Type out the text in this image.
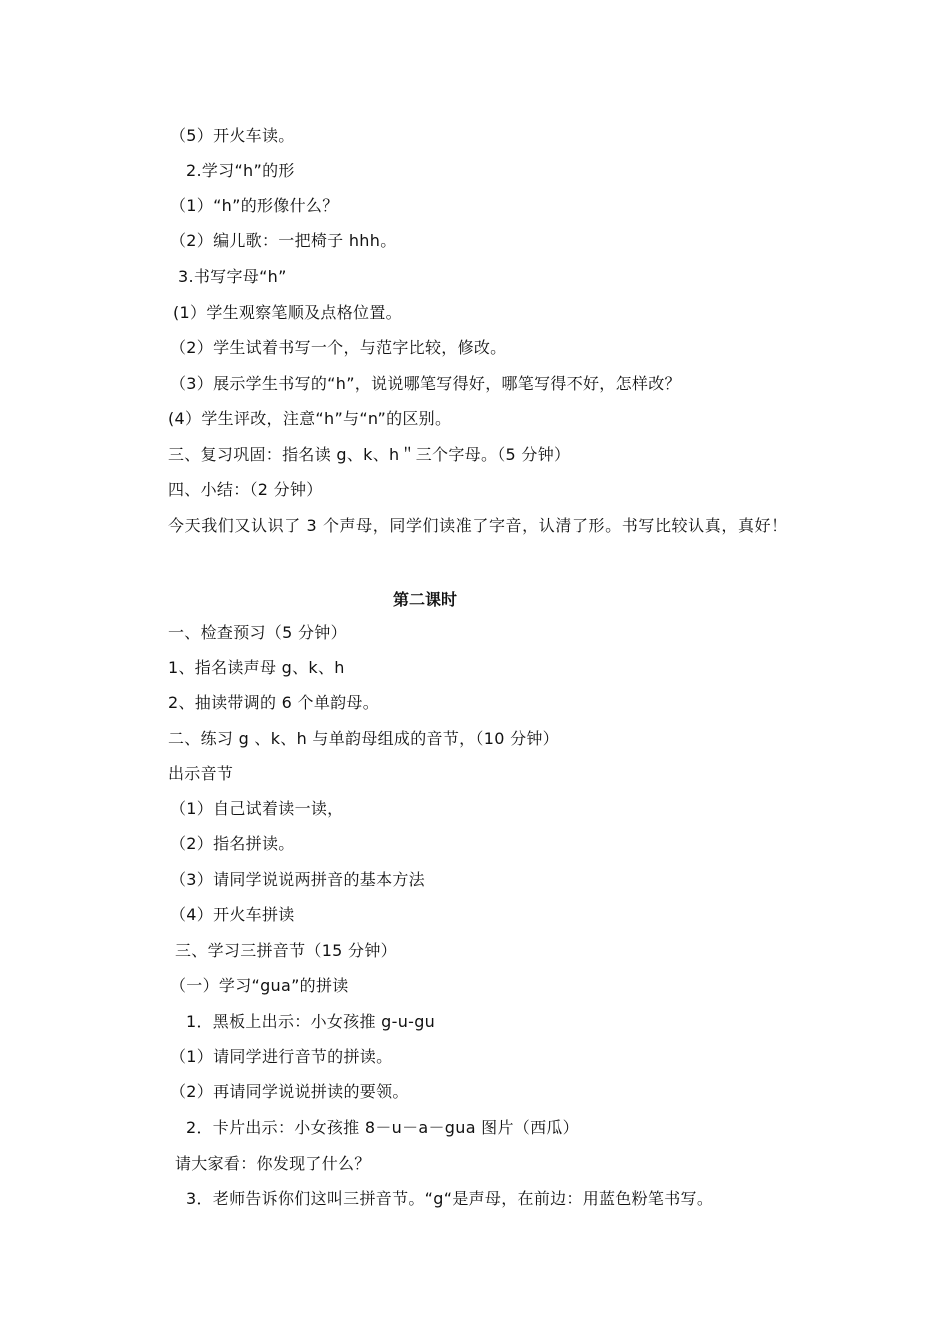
（5）开火车读。
2.学习“h”的形
（1）“h”的形像什么？
（2）编儿歌：一把椅子 hhh。
3.书写字母“h”
(1）学生观察笔顺及点格位置。
（2）学生试着书写一个，与范字比较，修改。
（3）展示学生书写的“h”，说说哪笔写得好，哪笔写得不好，怎样改？
(4）学生评改，注意“h”与“n”的区别。
三、复习巩固：指名读 g、k、h＂三个字母。（5 分钟）
四、小结：（2 分钟）
今天我们又认识了 3 个声母，同学们读准了字音，认清了形。书写比较认真，真好！
第二课时
一、检查预习（5 分钟）
1、指名读声母 g、k、h
2、抽读带调的 6 个单韵母。
二、练习 g 、k、h 与单韵母组成的音节，（10 分钟）
出示音节
（1）自己试着读一读，
（2）指名拼读。
（3）请同学说说两拼音的基本方法
（4）开火车拼读
三、学习三拼音节（15 分钟）
（一）学习“gua”的拼读
1．黑板上出示：小女孩推 g-u-gu
（1）请同学进行音节的拼读。
（2）再请同学说说拼读的要领。
2．卡片出示：小女孩推 8－u－a－gua 图片（西瓜）
请大家看：你发现了什么？
3．老师告诉你们这叫三拼音节。“g“是声母，在前边：用蓝色粉笔书写。
